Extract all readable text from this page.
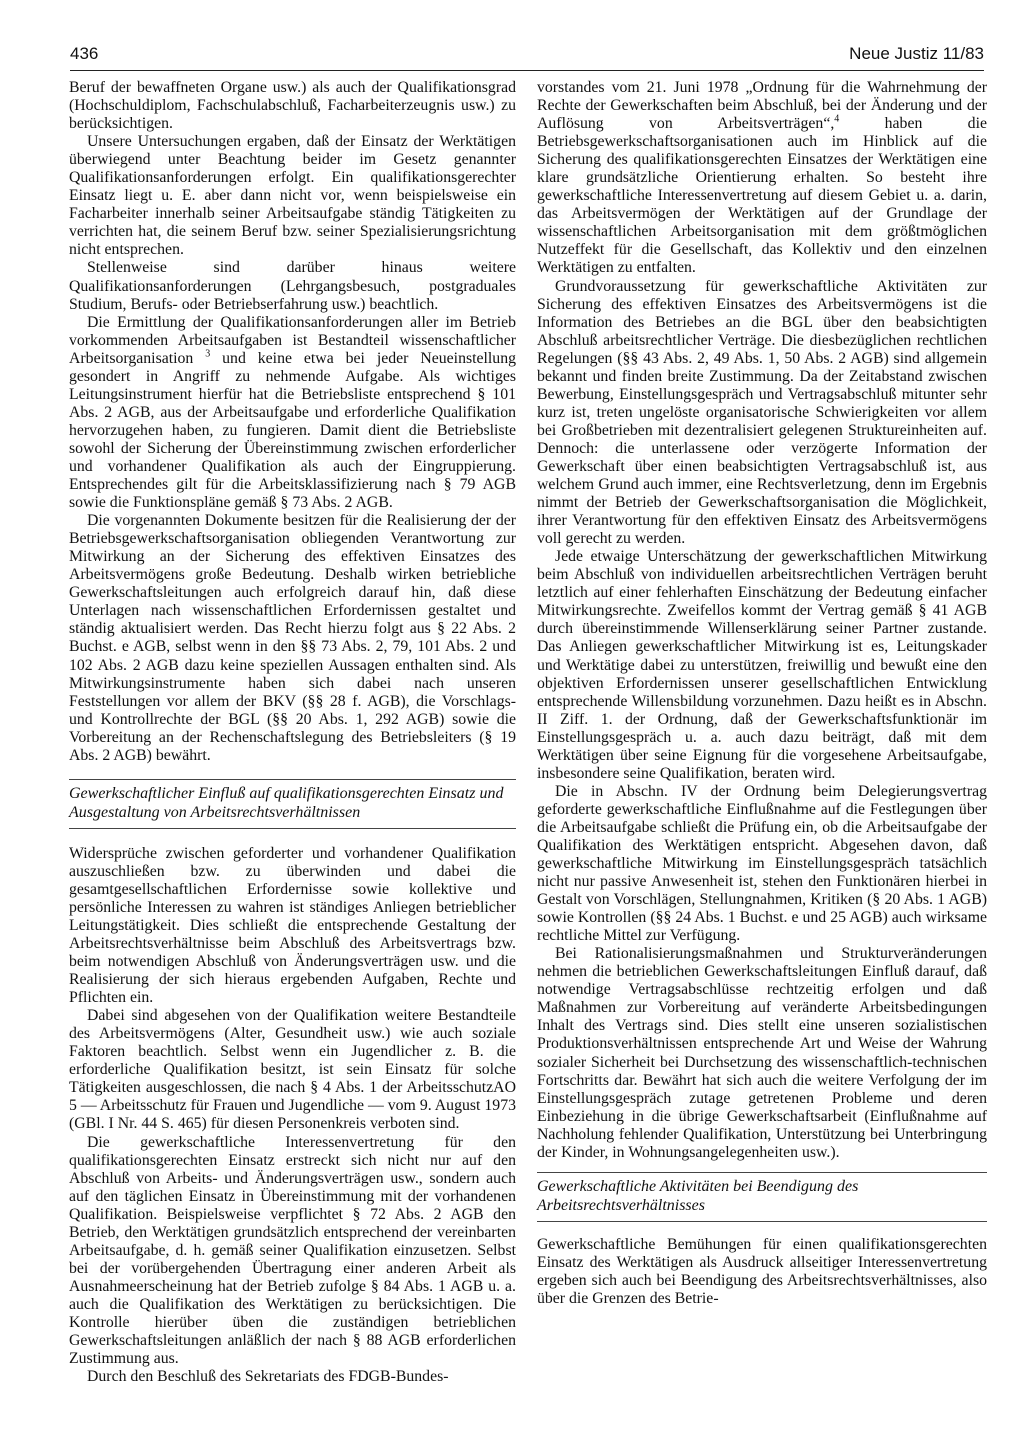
436	Neue Justiz 11/83

Beruf der bewaffneten Organe usw.) als auch der Qualifikationsgrad (Hochschuldiplom, Fachschulabschluß, Facharbeiterzeugnis usw.) zu berücksichtigen.

Unsere Untersuchungen ergaben, daß der Einsatz der Werktätigen überwiegend unter Beachtung beider im Gesetz genannter Qualifikationsanforderungen erfolgt. Ein qualifikationsgerechter Einsatz liegt u. E. aber dann nicht vor, wenn beispielsweise ein Facharbeiter innerhalb seiner Arbeitsaufgabe ständig Tätigkeiten zu verrichten hat, die seinem Beruf bzw. seiner Spezialisierungsrichtung nicht entsprechen.

Stellenweise sind darüber hinaus weitere Qualifikationsanforderungen (Lehrgangsbesuch, postgraduales Studium, Berufs- oder Betriebserfahrung usw.) beachtlich.

Die Ermittlung der Qualifikationsanforderungen aller im Betrieb vorkommenden Arbeitsaufgaben ist Bestandteil wissenschaftlicher Arbeitsorganisation $^3$ und keine etwa bei jeder Neueinstellung gesondert in Angriff zu nehmende Aufgabe. Als wichtiges Leitungsinstrument hierfür hat die Betriebsliste entsprechend § 101 Abs. 2 AGB, aus der Arbeitsaufgabe und erforderliche Qualifikation hervorzugehen haben, zu fungieren. Damit dient die Betriebsliste sowohl der Sicherung der Übereinstimmung zwischen erforderlicher und vorhandener Qualifikation als auch der Eingruppierung. Entsprechendes gilt für die Arbeitsklassifizierung nach § 79 AGB sowie die Funktionspläne gemäß § 73 Abs. 2 AGB.

Die vorgenannten Dokumente besitzen für die Realisierung der der Betriebsgewerkschaftsorganisation obliegenden Verantwortung zur Mitwirkung an der Sicherung des effektiven Einsatzes des Arbeitsvermögens große Bedeutung. Deshalb wirken betriebliche Gewerkschaftsleitungen auch erfolgreich darauf hin, daß diese Unterlagen nach wissenschaftlichen Erfordernissen gestaltet und ständig aktualisiert werden. Das Recht hierzu folgt aus § 22 Abs. 2 Buchst. e AGB, selbst wenn in den §§ 73 Abs. 2, 79, 101 Abs. 2 und 102 Abs. 2 AGB dazu keine speziellen Aussagen enthalten sind. Als Mitwirkungsinstrumente haben sich dabei nach unseren Feststellungen vor allem der BKV (§§ 28 f. AGB), die Vorschlags- und Kontrollrechte der BGL (§§ 20 Abs. 1, 292 AGB) sowie die Vorbereitung an der Rechenschaftslegung des Betriebsleiters (§ 19 Abs. 2 AGB) bewährt.

Gewerkschaftlicher Einfluß auf qualifikationsgerechten Einsatz und Ausgestaltung von Arbeitsrechtsverhältnissen

Widersprüche zwischen geforderter und vorhandener Qualifikation auszuschließen bzw. zu überwinden und dabei die gesamtgesellschaftlichen Erfordernisse sowie kollektive und persönliche Interessen zu wahren ist ständiges Anliegen betrieblicher Leitungstätigkeit. Dies schließt die entsprechende Gestaltung der Arbeitsrechtsverhältnisse beim Abschluß des Arbeitsvertrags bzw. beim notwendigen Abschluß von Änderungsverträgen usw. und die Realisierung der sich hieraus ergebenden Aufgaben, Rechte und Pflichten ein.

Dabei sind abgesehen von der Qualifikation weitere Bestandteile des Arbeitsvermögens (Alter, Gesundheit usw.) wie auch soziale Faktoren beachtlich. Selbst wenn ein Jugendlicher z. B. die erforderliche Qualifikation besitzt, ist sein Einsatz für solche Tätigkeiten ausgeschlossen, die nach § 4 Abs. 1 der ArbeitsschutzAO 5 — Arbeitsschutz für Frauen und Jugendliche — vom 9. August 1973 (GBl. I Nr. 44 S. 465) für diesen Personenkreis verboten sind.

Die gewerkschaftliche Interessenvertretung für den qualifikationsgerechten Einsatz erstreckt sich nicht nur auf den Abschluß von Arbeits- und Änderungsverträgen usw., sondern auch auf den täglichen Einsatz in Übereinstimmung mit der vorhandenen Qualifikation. Beispielsweise verpflichtet § 72 Abs. 2 AGB den Betrieb, den Werktätigen grundsätzlich entsprechend der vereinbarten Arbeitsaufgabe, d. h. gemäß seiner Qualifikation einzusetzen. Selbst bei der vorübergehenden Übertragung einer anderen Arbeit als Ausnahmeerscheinung hat der Betrieb zufolge § 84 Abs. 1 AGB u. a. auch die Qualifikation des Werktätigen zu berücksichtigen. Die Kontrolle hierüber üben die zuständigen betrieblichen Gewerkschaftsleitungen anläßlich der nach § 88 AGB erforderlichen Zustimmung aus.

Durch den Beschluß des Sekretariats des FDGB-Bundes-

vorstandes vom 21. Juni 1978 „Ordnung für die Wahrnehmung der Rechte der Gewerkschaften beim Abschluß, bei der Änderung und der Auflösung von Arbeitsverträgen“,$^4$ haben die Betriebsgewerkschaftsorganisationen auch im Hinblick auf die Sicherung des qualifikationsgerechten Einsatzes der Werktätigen eine klare grundsätzliche Orientierung erhalten. So besteht ihre gewerkschaftliche Interessenvertretung auf diesem Gebiet u. a. darin, das Arbeitsvermögen der Werktätigen auf der Grundlage der wissenschaftlichen Arbeitsorganisation mit dem größtmöglichen Nutzeffekt für die Gesellschaft, das Kollektiv und den einzelnen Werktätigen zu entfalten.

Grundvoraussetzung für gewerkschaftliche Aktivitäten zur Sicherung des effektiven Einsatzes des Arbeitsvermögens ist die Information des Betriebes an die BGL über den beabsichtigten Abschluß arbeitsrechtlicher Verträge. Die diesbezüglichen rechtlichen Regelungen (§§ 43 Abs. 2, 49 Abs. 1, 50 Abs. 2 AGB) sind allgemein bekannt und finden breite Zustimmung. Da der Zeitabstand zwischen Bewerbung, Einstellungsgespräch und Vertragsabschluß mitunter sehr kurz ist, treten ungelöste organisatorische Schwierigkeiten vor allem bei Großbetrieben mit dezentralisiert gelegenen Struktureinheiten auf. Dennoch: die unterlassene oder verzögerte Information der Gewerkschaft über einen beabsichtigten Vertragsabschluß ist, aus welchem Grund auch immer, eine Rechtsverletzung, denn im Ergebnis nimmt der Betrieb der Gewerkschaftsorganisation die Möglichkeit, ihrer Verantwortung für den effektiven Einsatz des Arbeitsvermögens voll gerecht zu werden.

Jede etwaige Unterschätzung der gewerkschaftlichen Mitwirkung beim Abschluß von individuellen arbeitsrechtlichen Verträgen beruht letztlich auf einer fehlerhaften Einschätzung der Bedeutung einfacher Mitwirkungsrechte. Zweifellos kommt der Vertrag gemäß § 41 AGB durch übereinstimmende Willenserklärung seiner Partner zustande. Das Anliegen gewerkschaftlicher Mitwirkung ist es, Leitungskader und Werktätige dabei zu unterstützen, freiwillig und bewußt eine den objektiven Erfordernissen unserer gesellschaftlichen Entwicklung entsprechende Willensbildung vorzunehmen. Dazu heißt es in Abschn. II Ziff. 1. der Ordnung, daß der Gewerkschaftsfunktionär im Einstellungsgespräch u. a. auch dazu beiträgt, daß mit dem Werktätigen über seine Eignung für die vorgesehene Arbeitsaufgabe, insbesondere seine Qualifikation, beraten wird.

Die in Abschn. IV der Ordnung beim Delegierungsvertrag geforderte gewerkschaftliche Einflußnahme auf die Festlegungen über die Arbeitsaufgabe schließt die Prüfung ein, ob die Arbeitsaufgabe der Qualifikation des Werktätigen entspricht. Abgesehen davon, daß gewerkschaftliche Mitwirkung im Einstellungsgespräch tatsächlich nicht nur passive Anwesenheit ist, stehen den Funktionären hierbei in Gestalt von Vorschlägen, Stellungnahmen, Kritiken (§ 20 Abs. 1 AGB) sowie Kontrollen (§§ 24 Abs. 1 Buchst. e und 25 AGB) auch wirksame rechtliche Mittel zur Verfügung.

Bei Rationalisierungsmaßnahmen und Strukturveränderungen nehmen die betrieblichen Gewerkschaftsleitungen Einfluß darauf, daß notwendige Vertragsabschlüsse rechtzeitig erfolgen und daß Maßnahmen zur Vorbereitung auf veränderte Arbeitsbedingungen Inhalt des Vertrags sind. Dies stellt eine unseren sozialistischen Produktionsverhältnissen entsprechende Art und Weise der Wahrung sozialer Sicherheit bei Durchsetzung des wissenschaftlich-technischen Fortschritts dar. Bewährt hat sich auch die weitere Verfolgung der im Einstellungsgespräch zutage getretenen Probleme und deren Einbeziehung in die übrige Gewerkschaftsarbeit (Einflußnahme auf Nachholung fehlender Qualifikation, Unterstützung bei Unterbringung der Kinder, in Wohnungsangelegenheiten usw.).

Gewerkschaftliche Aktivitäten bei Beendigung des Arbeitsrechtsverhältnisses

Gewerkschaftliche Bemühungen für einen qualifikationsgerechten Einsatz des Werktätigen als Ausdruck allseitiger Interessenvertretung ergeben sich auch bei Beendigung des Arbeitsrechtsverhältnisses, also über die Grenzen des Betrie-
